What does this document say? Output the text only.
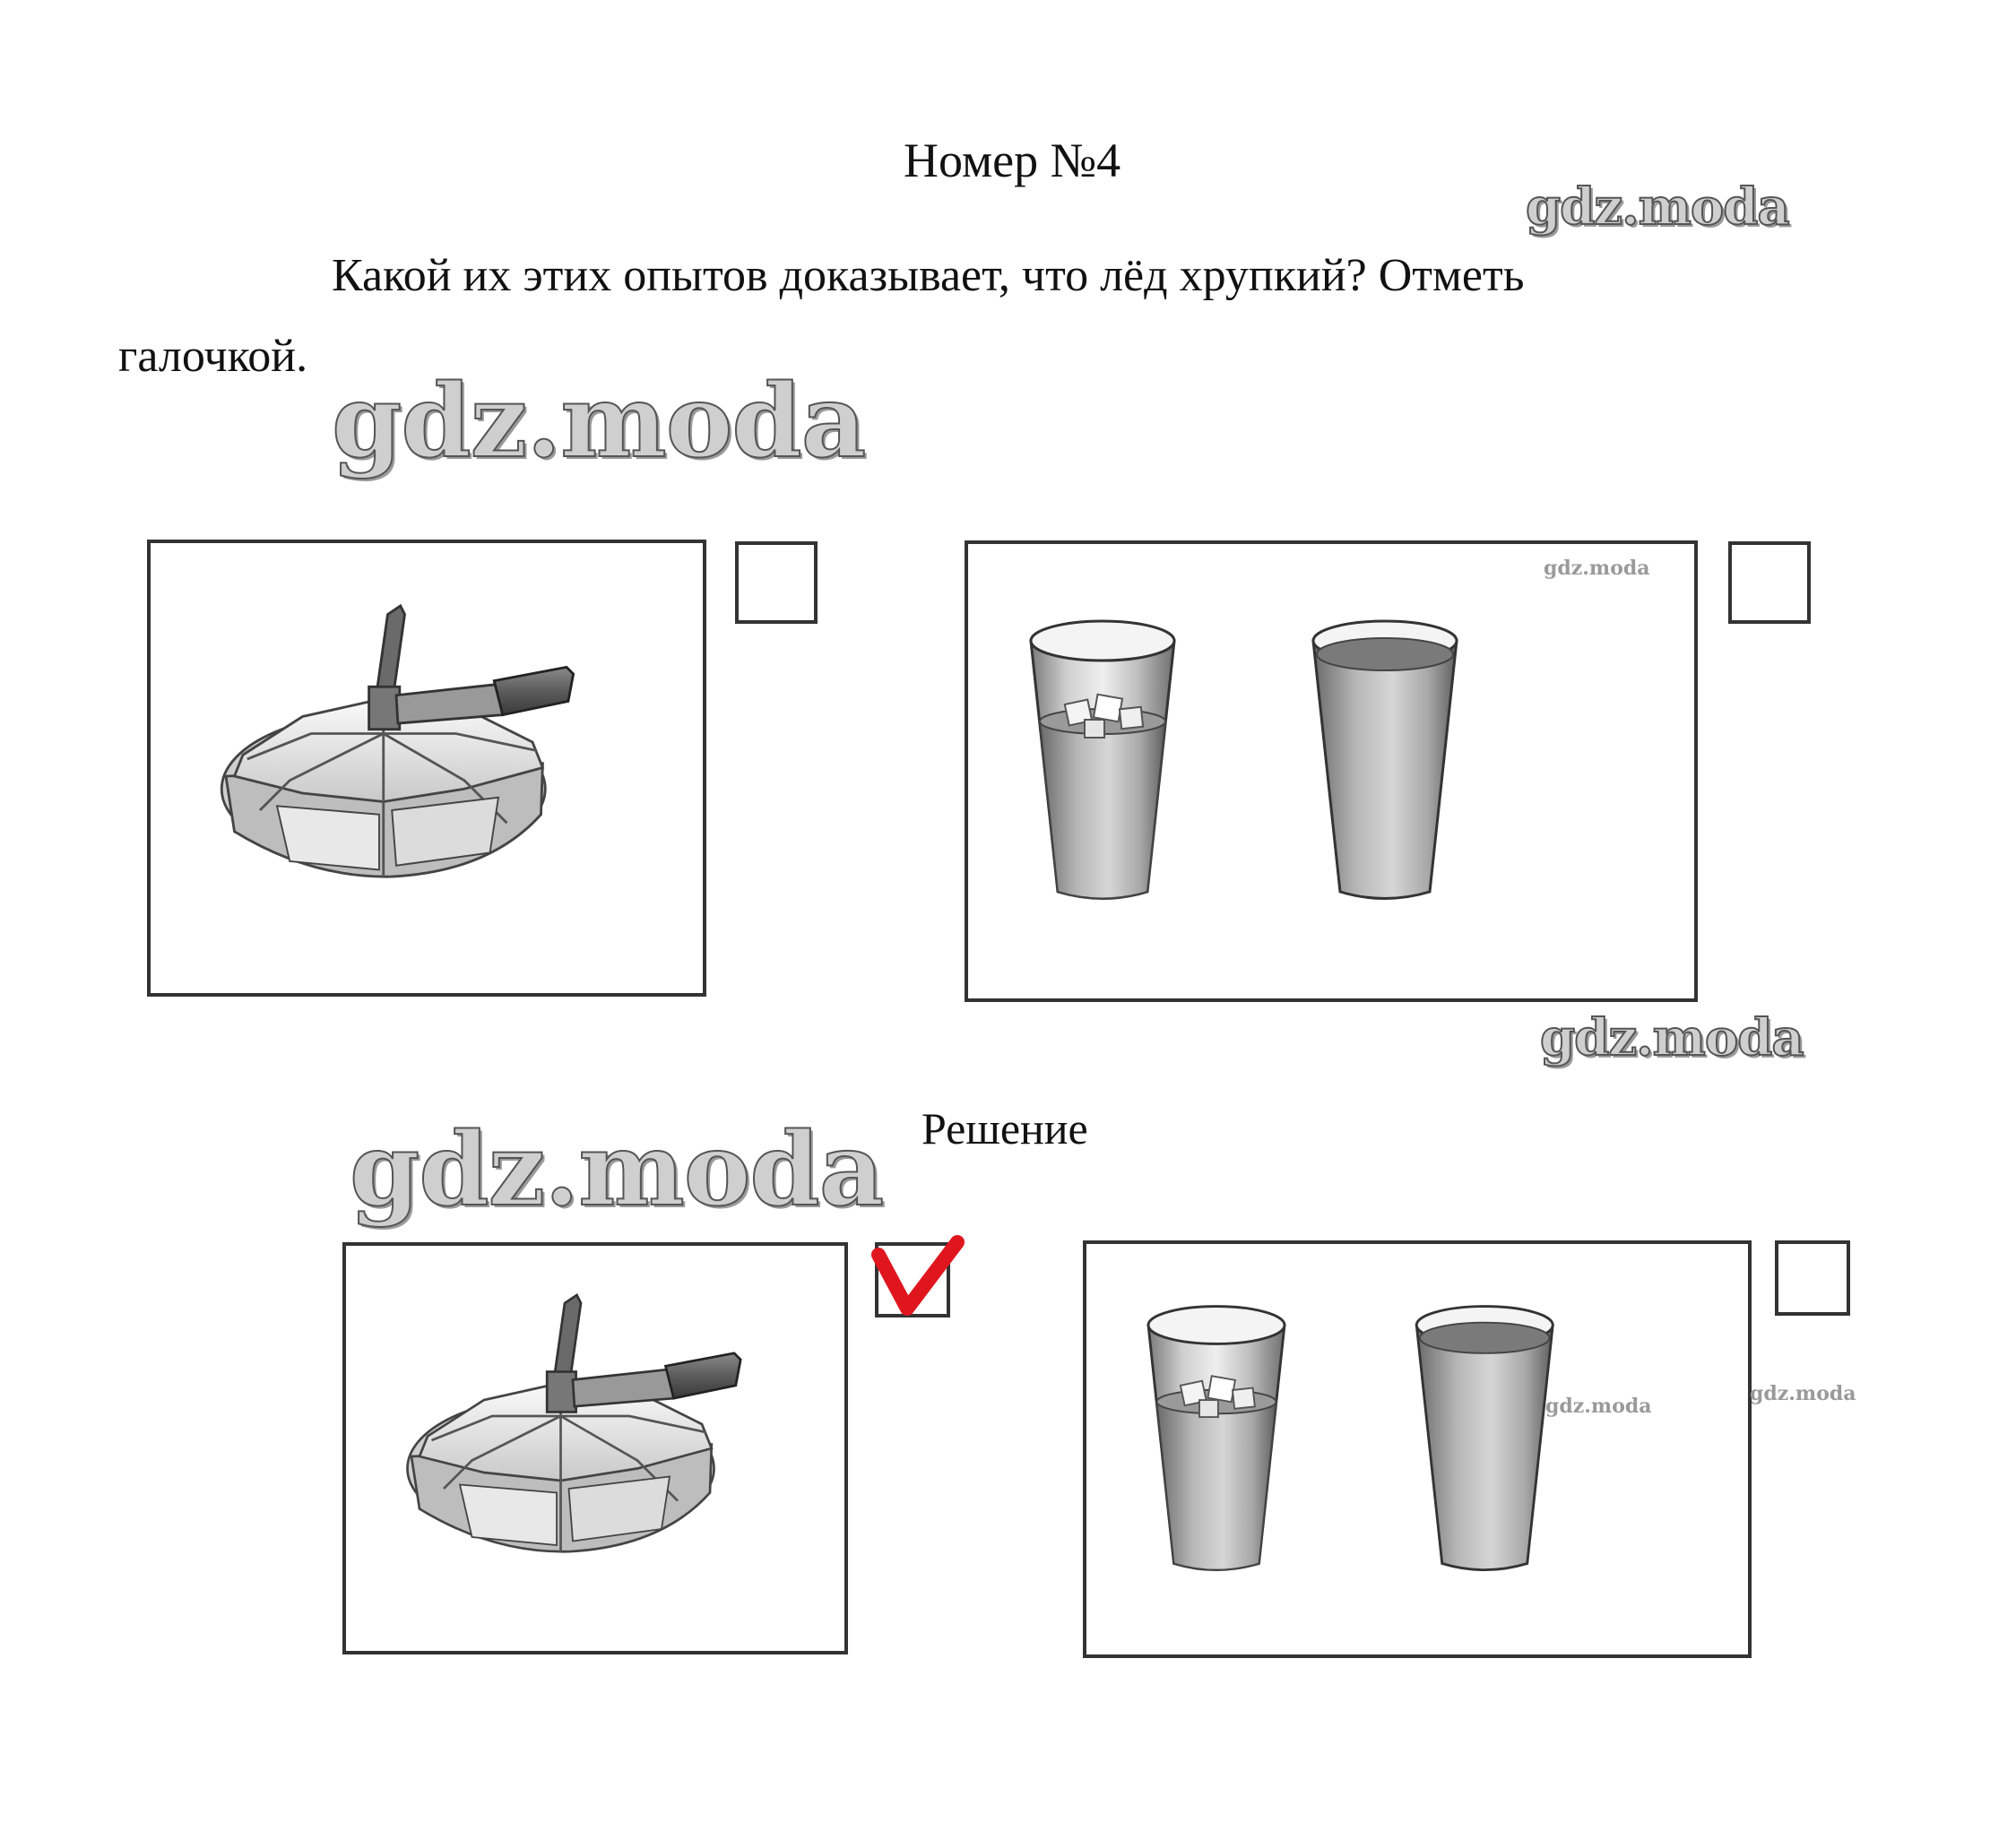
Номер №4
Какой их этих опытов доказывает, что лёд хрупкий? Отметь
галочкой.
gdz.moda
gdz.moda
gdz.moda
gdz.moda
gdz.moda
Решение
gdz.moda
gdz.moda
